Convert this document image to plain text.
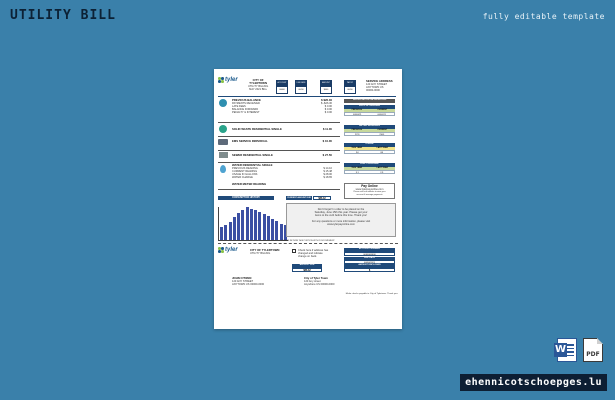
UTILITY BILL	fully editable template
tyler	CITY OF
TYLERTOWN
UTILITY BILLING
MAY 2021 BILL
ACCOUNT
00000
DUE DATE
00/00
AMOUNT
$000
PAY BY
00/00
SERVICE ADDRESS
123 ANY STREET
ANYTOWN US
00000-0000
PREVIOUS BALANCE	$ $26.30
PAYMENTS RECEIVED	$ -$26.30
LATE FEES	$ 0.00
BALANCE FORWARD	$ 0.00
PENALTY & INTEREST	$ 0.00
SOLID WASTE RESIDENTIAL SINGLE	$ 11.00
EMS SERVICE INDIVIDUAL	$ 10.00
SEWER RESIDENTIAL SINGLE	$ 27.50
WATER RESIDENTIAL SINGLE
PREVIOUS READING	$ 14.10
CURRENT READING	$ 15.48
USAGE IN GALLONS	$ 28.00
WATER CHARGE	$ 18.65
WATER METER READING
WATER METER INFORMATION
DATE OF READING
PREVIOUS	CURRENT
00/00/21	00/00/21
METER READINGS
PREVIOUS	CURRENT
2211	2305
USAGE
THIS YEAR	LAST YEAR
94	88
DAILY AVERAGE
THIS YEAR	LAST YEAR
3.1	2.9
Pay Online
www.tylerpayonline.com
Please visit our website to view your
account & manage payments
CONSUMPTION HISTORY	CURRENT AMOUNT DUE	$86.32
Don't forget! In order to be placed on the
Saturday, June 15th this year. Please get your
items to the curb before this time. Thank you!

For any questions or more information, please visit
www.tylerpayonline.com
PLEASE RETURN THIS PORTION WITH YOUR PAYMENT
tyler	CITY OF TYLERTOWN
UTILITY BILLING
Check here if address has
changed and indicate
change on back.
ACCOUNT NUMBER
0000000000
DUE DATE
00/00/2021
AMOUNT DUE
$86.32
AMOUNT ENCLOSED
$
JOHN CITIZEN
123 ANY STREET
ANYTOWN US 00000-0000
City of Tyler Town
123 Any street
Anywhere US 00000-0000
Make checks payable to City of Tylertown. Thank you.
W	PDF
ehennicotschoepges.lu
